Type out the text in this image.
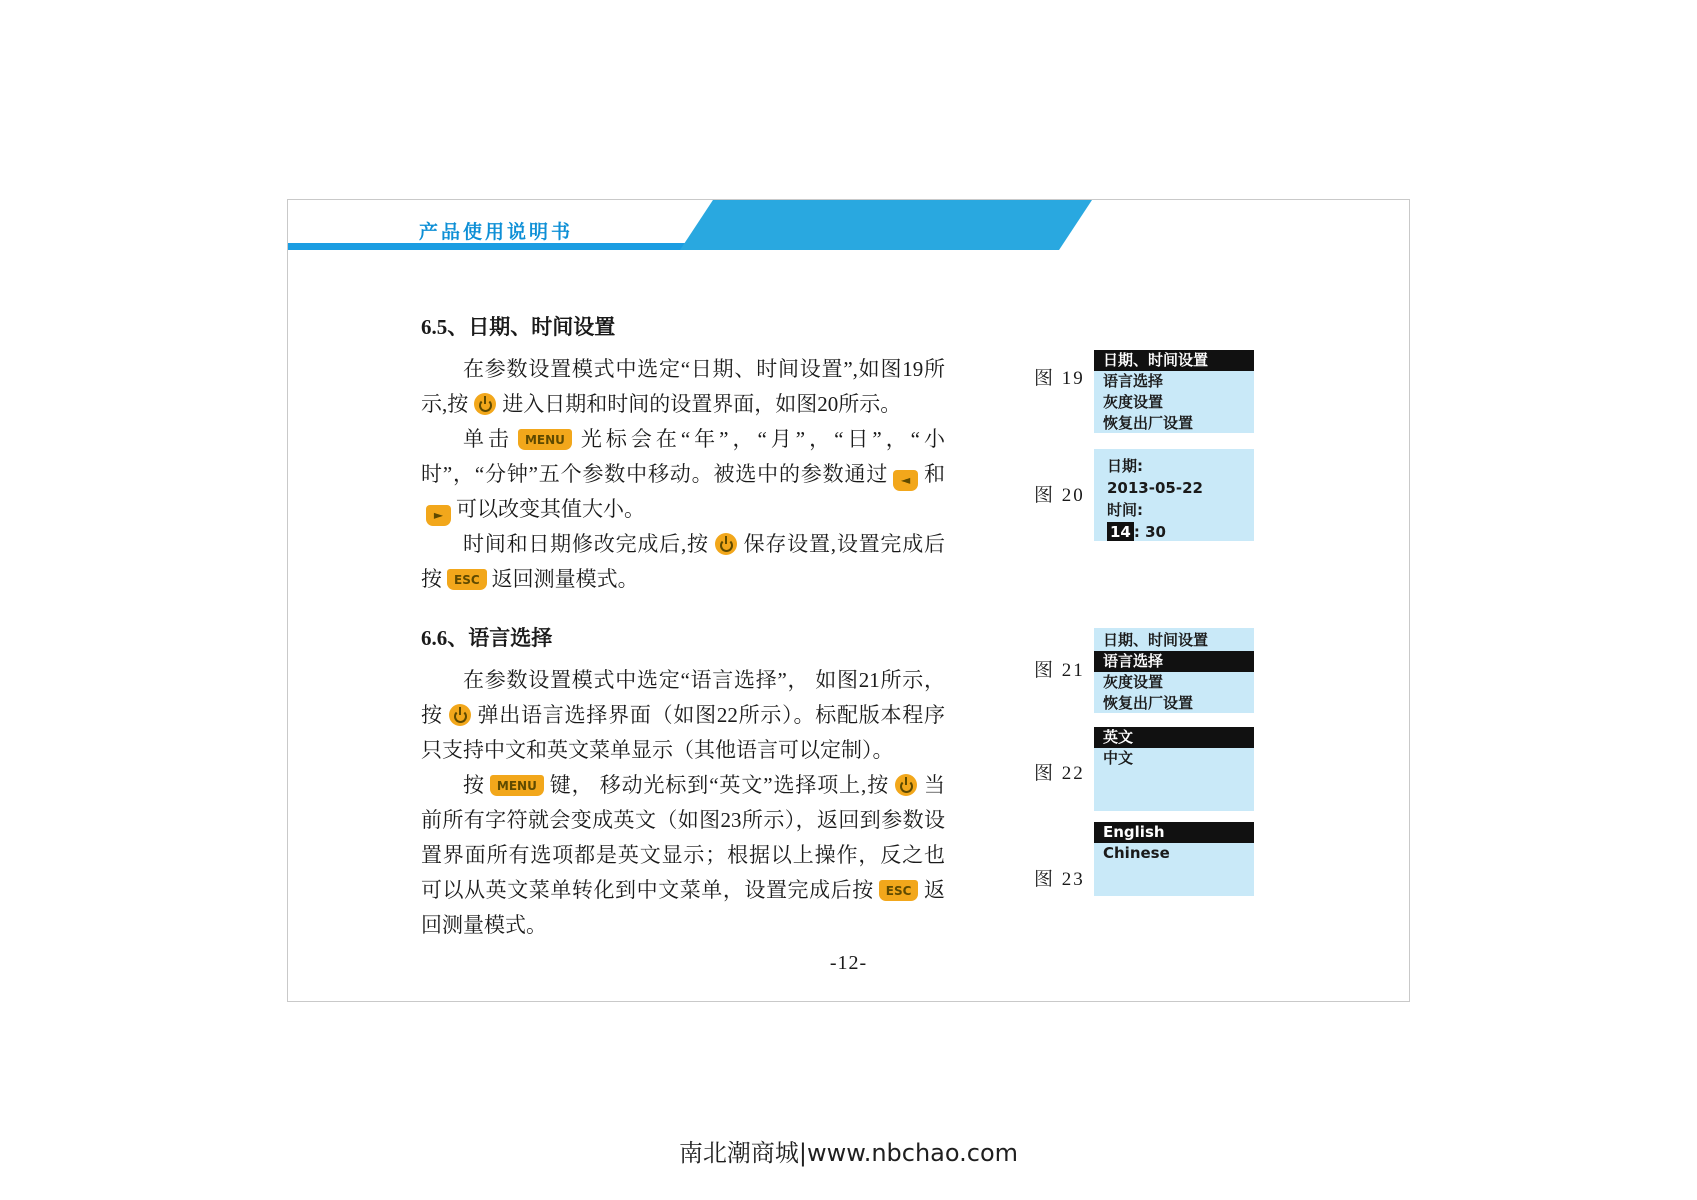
产品使用说明书
6.5、日期、时间设置

在参数设置模式中选定“日期、时间设置”,如图19所示,按 进入日期和时间的设置界面，如图20所示。

单击 MENU 光标会在“年”，“月”，“日”，“小时”，“分钟”五个参数中移动。被选中的参数通过 ◄ 和► 可以改变其值大小。

时间和日期修改完成后,按 保存设置,设置完成后按 ESC 返回测量模式。

6.6、语言选择

在参数设置模式中选定“语言选择”， 如图21所示， 按 弹出语言选择界面（如图22所示）。标配版本程序只支持中文和英文菜单显示（其他语言可以定制）。

按 MENU 键， 移动光标到“英文”选择项上,按 当前所有字符就会变成英文（如图23所示），返回到参数设置界面所有选项都是英文显示；根据以上操作，反之也可以从英文菜单转化到中文菜单，设置完成后按 ESC 返回测量模式。

图 19
日期、时间设置
语言选择
灰度设置
恢复出厂设置
图 20
日期:
2013-05-22
时间:
14 : 30
图 21
日期、时间设置
语言选择
灰度设置
恢复出厂设置
图 22
英文
中文
图 23
English
Chinese
-12-
南北潮商城|www.nbchao.com
